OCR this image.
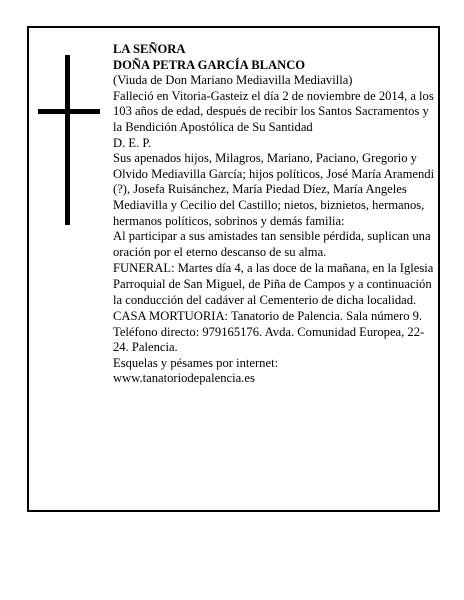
LA SEÑORA

DOÑA PETRA GARCÍA BLANCO

(Viuda de Don Mariano Mediavilla Mediavilla)

Falleció en Vitoria-Gasteiz el día 2 de noviembre de 2014, a los 103 años de edad, después de recibir los Santos Sacramentos y la Bendición Apostólica de Su Santidad

D. E. P.

Sus apenados hijos, Milagros, Mariano, Paciano, Gregorio y Olvido Mediavilla García; hijos políticos, José María Aramendi (?), Josefa Ruisánchez, María Piedad Díez, María Angeles Mediavilla y Cecilio del Castillo; nietos, biznietos, hermanos, hermanos políticos, sobrinos y demás familia:

Al participar a sus amistades tan sensible pérdida, suplican una oración por el eterno descanso de su alma.

FUNERAL: Martes día 4, a las doce de la mañana, en la Iglesia Parroquial de San Miguel, de Piña de Campos y a continuación la conducción del cadáver al Cementerio de dicha localidad.

CASA MORTUORIA: Tanatorio de Palencia. Sala número 9. Teléfono directo: 979165176. Avda. Comunidad Europea, 22-24. Palencia.

Esquelas y pésames por internet:

www.tanatoriodepalencia.es
